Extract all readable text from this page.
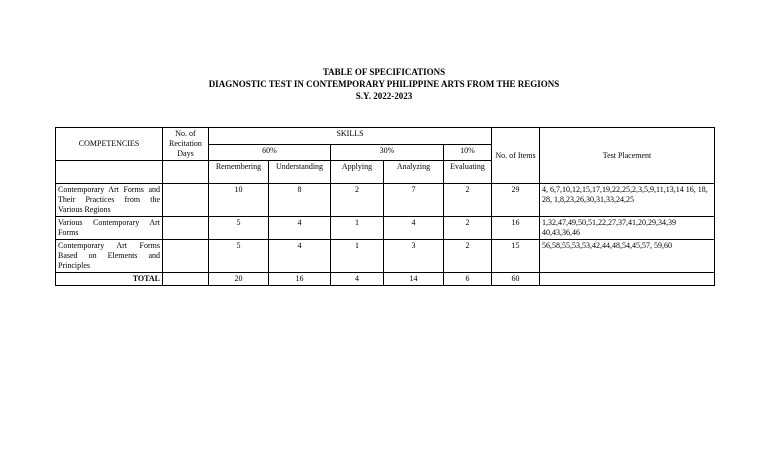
TABLE OF SPECIFICATIONS
DIAGNOSTIC TEST IN CONTEMPORARY PHILIPPINE ARTS FROM THE REGIONS
S.Y. 2022-2023
COMPETENCIES	No. of Recitation Days	SKILLS					No. of Items	Test Placement
		60%		30%		10%		
		Remembering	Understanding	Applying	Analyzing	Evaluating		
Contemporary Art Forms and Their Practices from the Various Regions		10	8	2	7	2	29	4, 6,7,10,12,15,17,19,22,25,2,3,5,9,11,13,14 16, 18, 28, 1,8,23,26,30,31,33,24,25
Various Contemporary Art Forms		5	4	1	4	2	16	1,32,47,49,50,51,22,27,37,41,20,29,34,39 40,43,36,46
Contemporary Art Forms Based on Elements and Principles		5	4	1	3	2	15	56,58,55,53,53,42,44,48,54,45,57, 59,60
TOTAL		20	16	4	14	6	60	
